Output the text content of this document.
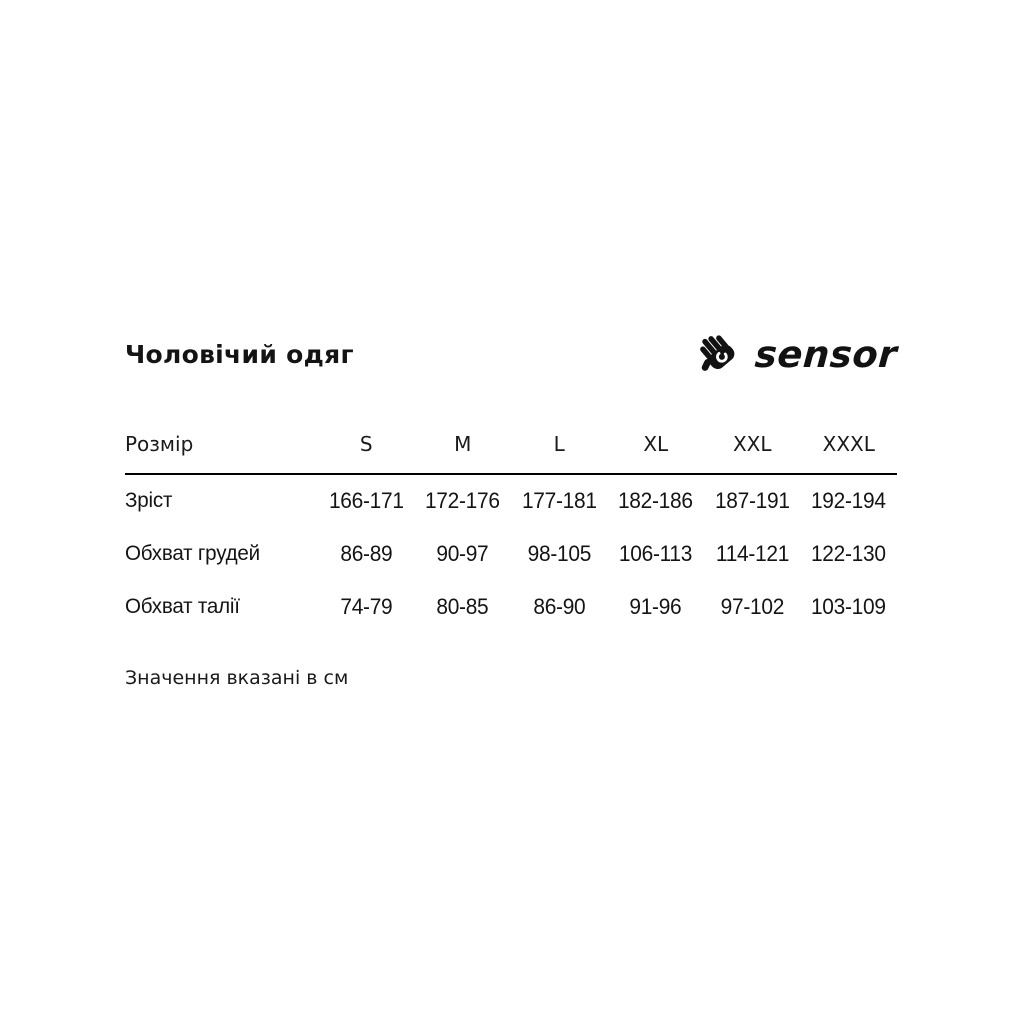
Чоловічий одяг	sensor
Розмір	S	M	L	XL	XXL	XXXL
Зріст	166-171	172-176	177-181	182-186	187-191	192-194
Обхват грудей	86-89	90-97	98-105	106-113	114-121	122-130
Обхват талії	74-79	80-85	86-90	91-96	97-102	103-109
Значення вказані в см
